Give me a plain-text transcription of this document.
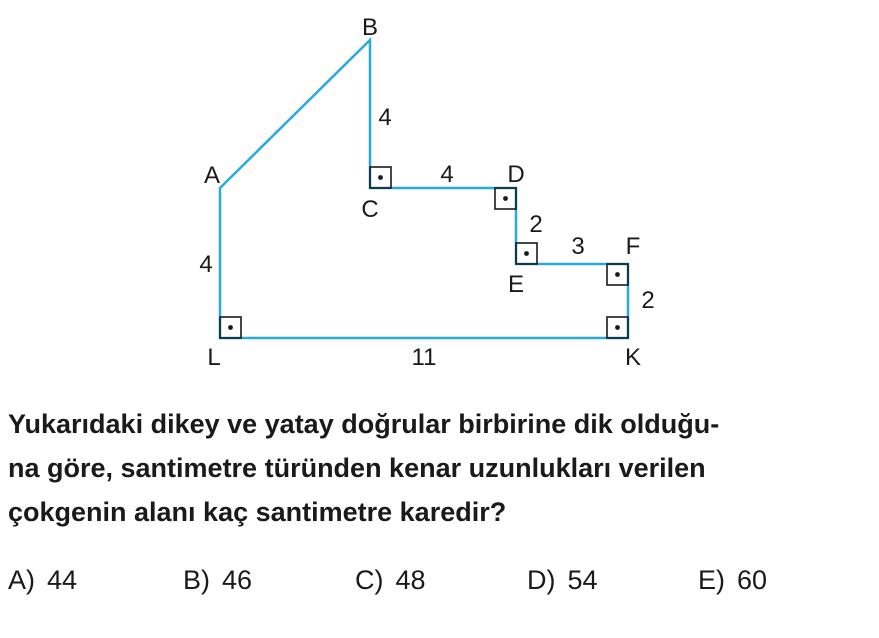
B
A
C
D
E
F
K
L
4
4
2
3
2
11
4

Yukarıdaki dikey ve yatay doğrular birbirine dik olduğu-
na göre, santimetre türünden kenar uzunlukları verilen
çokgenin alanı kaç santimetre karedir?

A) 44	B) 46	C) 48	D) 54	E) 60
